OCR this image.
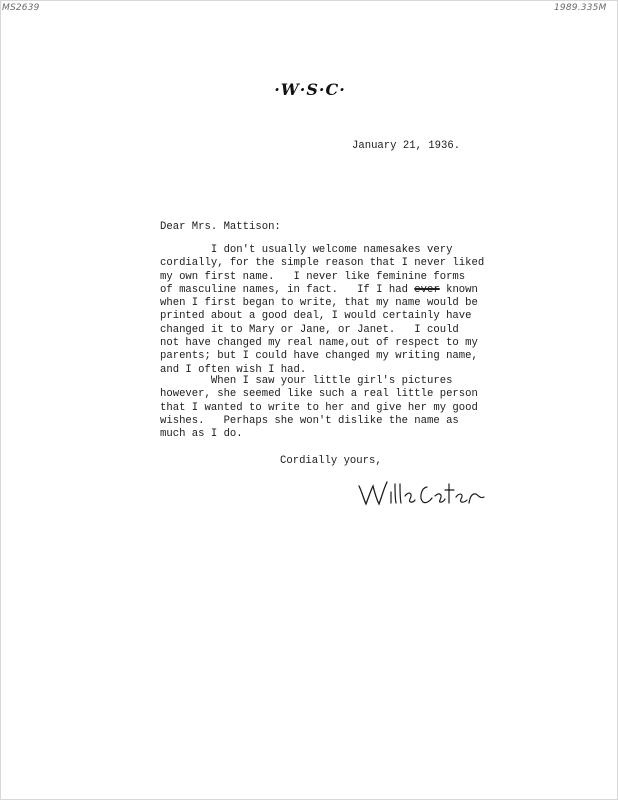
MS2639	1989.335M
·W·S·C·
January 21, 1936.
Dear Mrs. Mattison:
I don't usually welcome namesakes very
cordially, for the simple reason that I never liked
my own first name.   I never like feminine forms
of masculine names, in fact.   If I had ever known
when I first began to write, that my name would be
printed about a good deal, I would certainly have
changed it to Mary or Jane, or Janet.   I could
not have changed my real name,out of respect to my
parents; but I could have changed my writing name,
and I often wish I had.
When I saw your little girl's pictures
however, she seemed like such a real little person
that I wanted to write to her and give her my good
wishes.   Perhaps she won't dislike the name as
much as I do.
Cordially yours,
